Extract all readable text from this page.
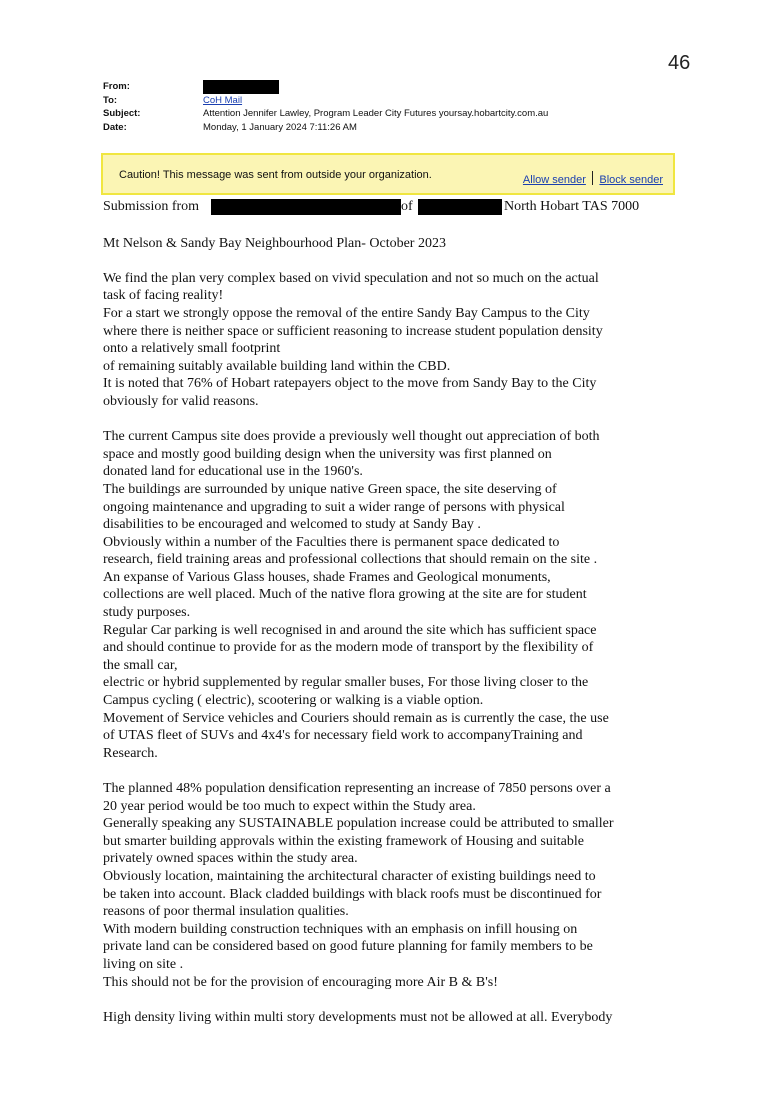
46
From:
To:	CoH Mail
Subject:	Attention Jennifer Lawley, Program Leader City Futures yoursay.hobartcity.com.au
Date:	Monday, 1 January 2024 7:11:26 AM
Caution! This message was sent from outside your organization.	Allow sender Block sender
Submission from	of	North Hobart TAS 7000

Mt Nelson & Sandy Bay Neighbourhood Plan- October 2023

We find the plan very complex based on vivid speculation and not so much on the actual

task of facing reality!

For a start we strongly oppose the removal of the entire Sandy Bay Campus to the City

where there is neither space or sufficient reasoning to increase student population density

onto a relatively small footprint

of remaining suitably available building land within the CBD.

It is noted that 76% of Hobart ratepayers object to the move from Sandy Bay to the City

obviously for valid reasons.

The current Campus site does provide a previously well thought out appreciation of both

space and mostly good building design when the university was first planned on

donated land for educational use in the 1960's.

The buildings are surrounded by unique native Green space, the site deserving of

ongoing maintenance and upgrading to suit a wider range of persons with physical

disabilities to be encouraged and welcomed to study at Sandy Bay .

Obviously within a number of the Faculties there is permanent space dedicated to

research, field training areas and professional collections that should remain on the site .

An expanse of Various Glass houses, shade Frames and Geological monuments,

collections are well placed. Much of the native flora growing at the site are for student

study purposes.

Regular Car parking is well recognised in and around the site which has sufficient space

and should continue to provide for as the modern mode of transport by the flexibility of

the small car,

electric or hybrid supplemented by regular smaller buses, For those living closer to the

Campus cycling ( electric), scootering or walking is a viable option.

Movement of Service vehicles and Couriers should remain as is currently the case, the use

of UTAS fleet of SUVs and 4x4's for necessary field work to accompanyTraining and

Research.

The planned 48% population densification representing an increase of 7850 persons over a

20 year period would be too much to expect within the Study area.

Generally speaking any SUSTAINABLE population increase could be attributed to smaller

but smarter building approvals within the existing framework of Housing and suitable

privately owned spaces within the study area.

Obviously location, maintaining the architectural character of existing buildings need to

be taken into account. Black cladded buildings with black roofs must be discontinued for

reasons of poor thermal insulation qualities.

With modern building construction techniques with an emphasis on infill housing on

private land can be considered based on good future planning for family members to be

living on site .

This should not be for the provision of encouraging more Air B & B's!

High density living within multi story developments must not be allowed at all. Everybody
